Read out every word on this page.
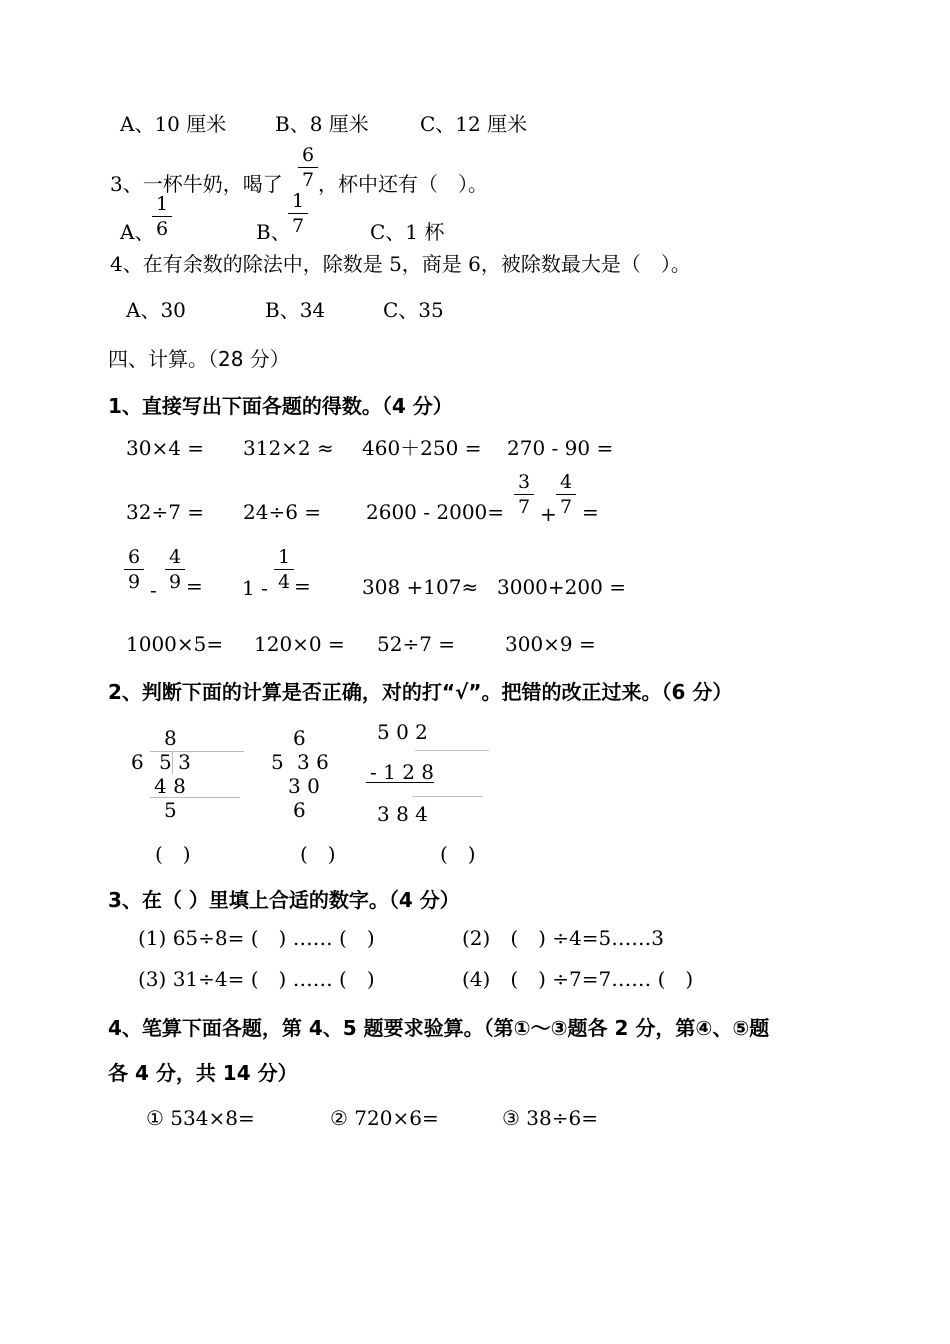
A、10 厘米 B、8 厘米	C、12 厘米
3、一杯牛奶，喝了
6
7 ，杯中还有（　）。
A、
1
6	B、
1
7	C、1 杯
4、在有余数的除法中，除数是 5，商是 6，被除数最大是（　）。
A、30	B、34	C、35
四、计算。（28 分）
1、直接写出下面各题的得数。（4 分）
30×4 = 312×2 ≈ 460＋250 = 270 - 90 =
32÷7 = 24÷6 = 2600 - 2000=
3
7 +
4
7 =
6
9 -
4
9 = 1 -
1
4 =	308 +107≈ 3000+200 =
1000×5= 120×0 = 52÷7 = 300×9 =
2、判断下面的计算是否正确，对的打“√”。把错的改正过来。（6 分）
8
6 5 3
4 8
5
6
5 3 6
3 0
6
5 0 2
- 1 2 8
3 8 4
(　)	(　)	(　)
3、在（ ）里填上合适的数字。（4 分）
(1) 65÷8= (　) …… (　)	(2)　(　) ÷4=5……3
(3) 31÷4= (　) …… (　)	(4)　(　) ÷7=7…… (　)
4、笔算下面各题，第 4、5 题要求验算。（第①～③题各 2 分，第④、⑤题
各 4 分，共 14 分）
① 534×8=	② 720×6=	③ 38÷6=
